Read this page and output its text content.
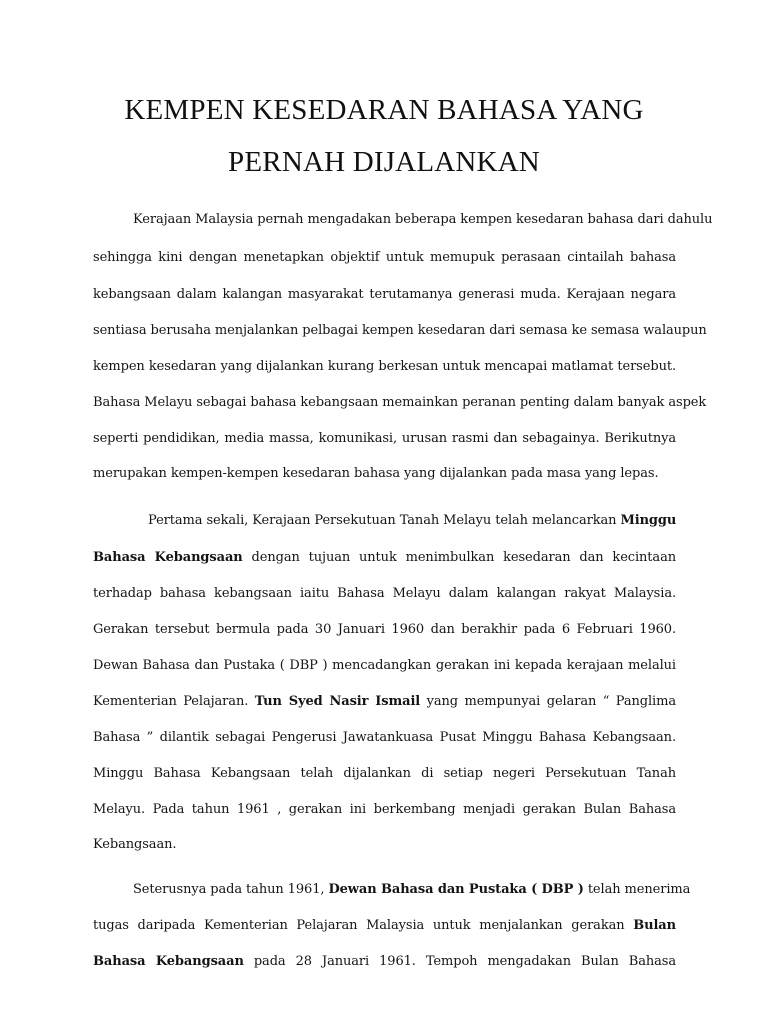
KEMPEN KESEDARAN BAHASA YANG
PERNAH DIJALANKAN
Kerajaan Malaysia pernah mengadakan beberapa kempen kesedaran bahasa dari dahulu
sehingga kini dengan menetapkan objektif untuk memupuk perasaan cintailah bahasa
kebangsaan dalam kalangan masyarakat terutamanya generasi muda. Kerajaan negara
sentiasa berusaha menjalankan pelbagai kempen kesedaran dari semasa ke semasa walaupun
kempen kesedaran yang dijalankan kurang berkesan untuk mencapai matlamat tersebut.
Bahasa Melayu sebagai bahasa kebangsaan memainkan peranan penting dalam banyak aspek
seperti pendidikan, media massa, komunikasi, urusan rasmi dan sebagainya. Berikutnya
merupakan kempen-kempen kesedaran bahasa yang dijalankan pada masa yang lepas.
Pertama sekali, Kerajaan Persekutuan Tanah Melayu telah melancarkan Minggu
Bahasa Kebangsaan dengan tujuan untuk menimbulkan kesedaran dan kecintaan
terhadap bahasa kebangsaan iaitu Bahasa Melayu dalam kalangan rakyat Malaysia.
Gerakan tersebut bermula pada 30 Januari 1960 dan berakhir pada 6 Februari 1960.
Dewan Bahasa dan Pustaka ( DBP ) mencadangkan gerakan ini kepada kerajaan melalui
Kementerian Pelajaran. Tun Syed Nasir Ismail yang mempunyai gelaran “ Panglima
Bahasa ” dilantik sebagai Pengerusi Jawatankuasa Pusat Minggu Bahasa Kebangsaan.
Minggu Bahasa Kebangsaan telah dijalankan di setiap negeri Persekutuan Tanah
Melayu. Pada tahun 1961 , gerakan ini berkembang menjadi gerakan Bulan Bahasa
Kebangsaan.
Seterusnya pada tahun 1961, Dewan Bahasa dan Pustaka ( DBP ) telah menerima
tugas daripada Kementerian Pelajaran Malaysia untuk menjalankan gerakan Bulan
Bahasa Kebangsaan pada 28 Januari 1961. Tempoh mengadakan Bulan Bahasa
